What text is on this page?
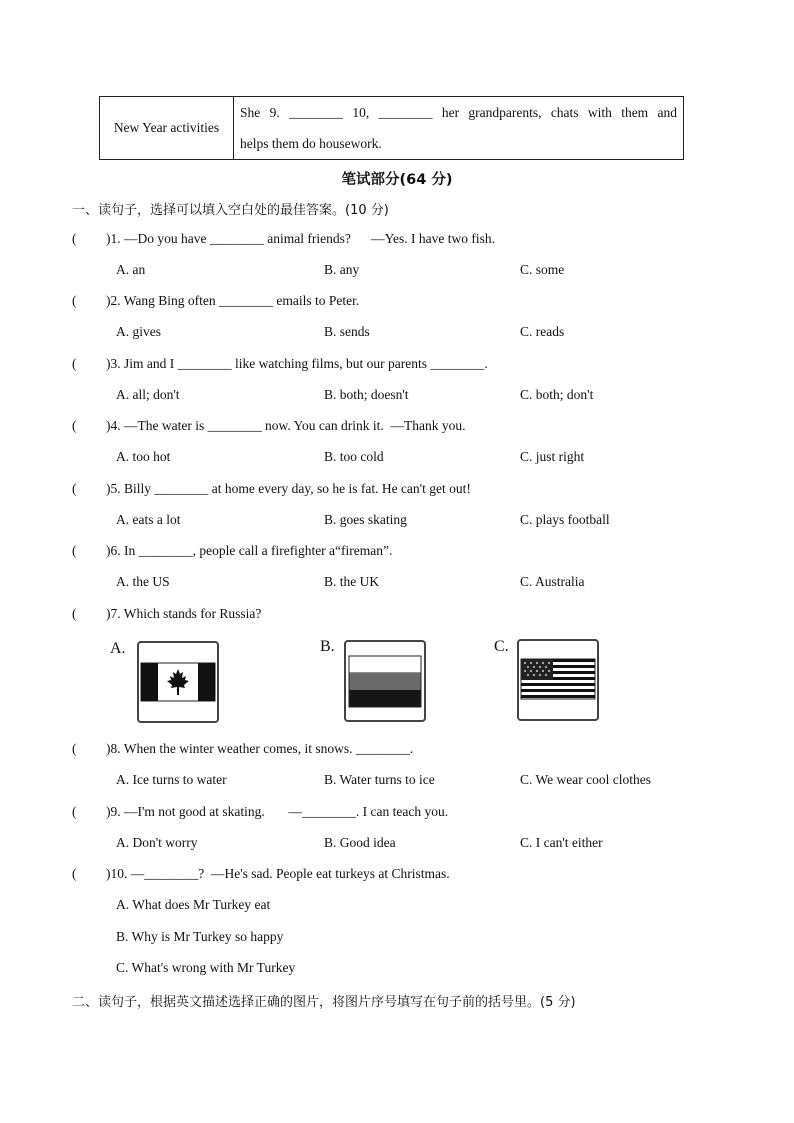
New Year activities	
She 9. ________ 10, ________ her grandparents, chats with them and
helps them do housework.
笔试部分(64 分)
一、读句子，选择可以填入空白处的最佳答案。(10 分)
( )1. —Do you have ________ animal friends?      —Yes. I have two fish.
A. an	B. any	C. some
( )2. Wang Bing often ________ emails to Peter.
A. gives	B. sends	C. reads
( )3. Jim and I ________ like watching films, but our parents ________.
A. all; don't	B. both; doesn't	C. both; don't
( )4. —The water is ________ now. You can drink it.  —Thank you.
A. too hot	B. too cold	C. just right
( )5. Billy ________ at home every day, so he is fat. He can't get out!
A. eats a lot	B. goes skating	C. plays football
( )6. In ________, people call a firefighter a“fireman”.
A. the US	B. the UK	C. Australia
( )7. Which stands for Russia?
A.	B.	C.
( )8. When the winter weather comes, it snows. ________.
A. Ice turns to water	B. Water turns to ice	C. We wear cool clothes
( )9. —I'm not good at skating.       —________. I can teach you.
A. Don't worry	B. Good idea	C. I can't either
( )10. —________?  —He's sad. People eat turkeys at Christmas.
A. What does Mr Turkey eat
B. Why is Mr Turkey so happy
C. What's wrong with Mr Turkey
二、读句子，根据英文描述选择正确的图片，将图片序号填写在句子前的括号里。(5 分)
